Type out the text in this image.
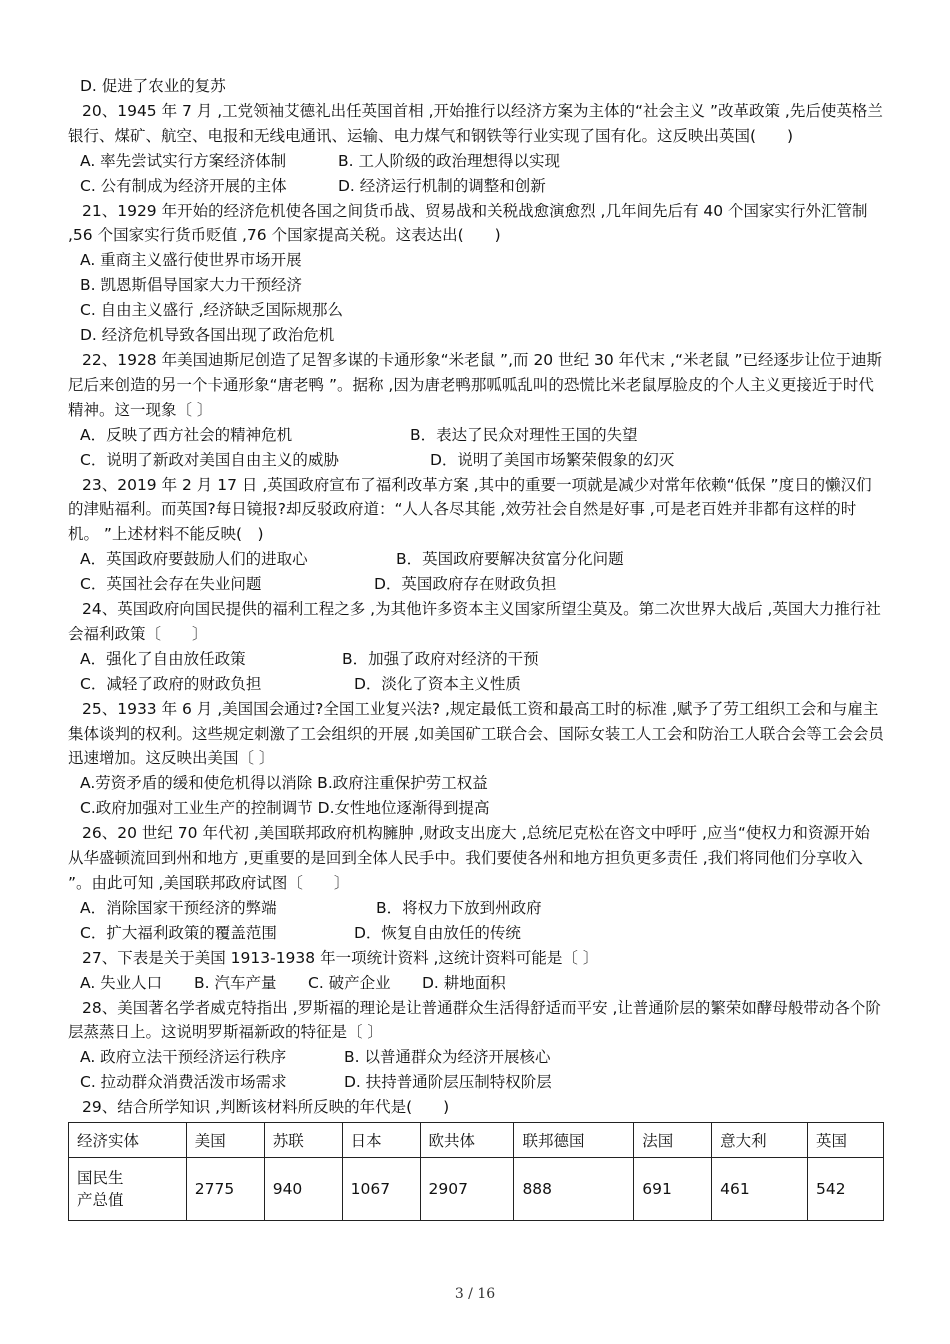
D. 促进了农业的复苏
20、1945 年 7 月 ,工党领袖艾德礼出任英国首相 ,开始推行以经济方案为主体的“社会主义 ”改革政策 ,先后使英格兰银行、煤矿、航空、电报和无线电通讯、运输、电力煤气和钢铁等行业实现了国有化。这反映出英国(　　)
A. 率先尝试实行方案经济体制	B. 工人阶级的政治理想得以实现
C. 公有制成为经济开展的主体	D. 经济运行机制的调整和创新
21、1929 年开始的经济危机使各国之间货币战、贸易战和关税战愈演愈烈 ,几年间先后有 40 个国家实行外汇管制 ,56 个国家实行货币贬值 ,76 个国家提高关税。这表达出(　　)
A. 重商主义盛行使世界市场开展
B. 凯恩斯倡导国家大力干预经济
C. 自由主义盛行 ,经济缺乏国际规那么
D. 经济危机导致各国出现了政治危机
22、1928 年美国迪斯尼创造了足智多谋的卡通形象“米老鼠 ”,而 20 世纪 30 年代末 ,“米老鼠 ”已经逐步让位于迪斯尼后来创造的另一个卡通形象“唐老鸭 ”。据称 ,因为唐老鸭那呱呱乱叫的恐慌比米老鼠厚脸皮的个人主义更接近于时代精神。这一现象〔 〕
A．反映了西方社会的精神危机	B．表达了民众对理性王国的失望
C．说明了新政对美国自由主义的威胁	D．说明了美国市场繁荣假象的幻灭
23、2019 年 2 月 17 日 ,英国政府宣布了福利改革方案 ,其中的重要一项就是减少对常年依赖“低保 ”度日的懒汉们的津贴福利。而英国?每日镜报?却反驳政府道：“人人各尽其能 ,效劳社会自然是好事 ,可是老百姓并非都有这样的时机。 ”上述材料不能反映(　)
A．英国政府要鼓励人们的进取心	B．英国政府要解决贫富分化问题
C．英国社会存在失业问题	D．英国政府存在财政负担
24、英国政府向国民提供的福利工程之多 ,为其他许多资本主义国家所望尘莫及。第二次世界大战后 ,英国大力推行社会福利政策〔　　〕
A．强化了自由放任政策	B．加强了政府对经济的干预
C．减轻了政府的财政负担	D．淡化了资本主义性质
25、1933 年 6 月 ,美国国会通过?全国工业复兴法? ,规定最低工资和最高工时的标准 ,赋予了劳工组织工会和与雇主集体谈判的权利。这些规定刺激了工会组织的开展 ,如美国矿工联合会、国际女装工人工会和防治工人联合会等工会会员迅速增加。这反映出美国〔 〕
A.劳资矛盾的缓和使危机得以消除 B.政府注重保护劳工权益
C.政府加强对工业生产的控制调节 D.女性地位逐渐得到提高
26、20 世纪 70 年代初 ,美国联邦政府机构臃肿 ,财政支出庞大 ,总统尼克松在咨文中呼吁 ,应当“使权力和资源开始从华盛顿流回到州和地方 ,更重要的是回到全体人民手中。我们要使各州和地方担负更多责任 ,我们将同他们分享收入 ”。由此可知 ,美国联邦政府试图〔　　〕
A．消除国家干预经济的弊端	B．将权力下放到州政府
C．扩大福利政策的覆盖范围	D．恢复自由放任的传统
27、下表是关于美国 1913-1938 年一项统计资料 ,这统计资料可能是〔 〕
A. 失业人口 B. 汽车产量 C. 破产企业 D. 耕地面积
28、美国著名学者威克特指出 ,罗斯福的理论是让普通群众生活得舒适而平安 ,让普通阶层的繁荣如酵母般带动各个阶层蒸蒸日上。这说明罗斯福新政的特征是〔 〕
A. 政府立法干预经济运行秩序	B. 以普通群众为经济开展核心
C. 拉动群众消费活泼市场需求	D. 扶持普通阶层压制特权阶层
29、结合所学知识 ,判断该材料所反映的年代是(　　)
经济实体	美国	苏联	日本	欧共体	联邦德国	法国	意大利	英国

国民生
产总值	2775	940	1067	2907	888	691	461	542
3 / 16
